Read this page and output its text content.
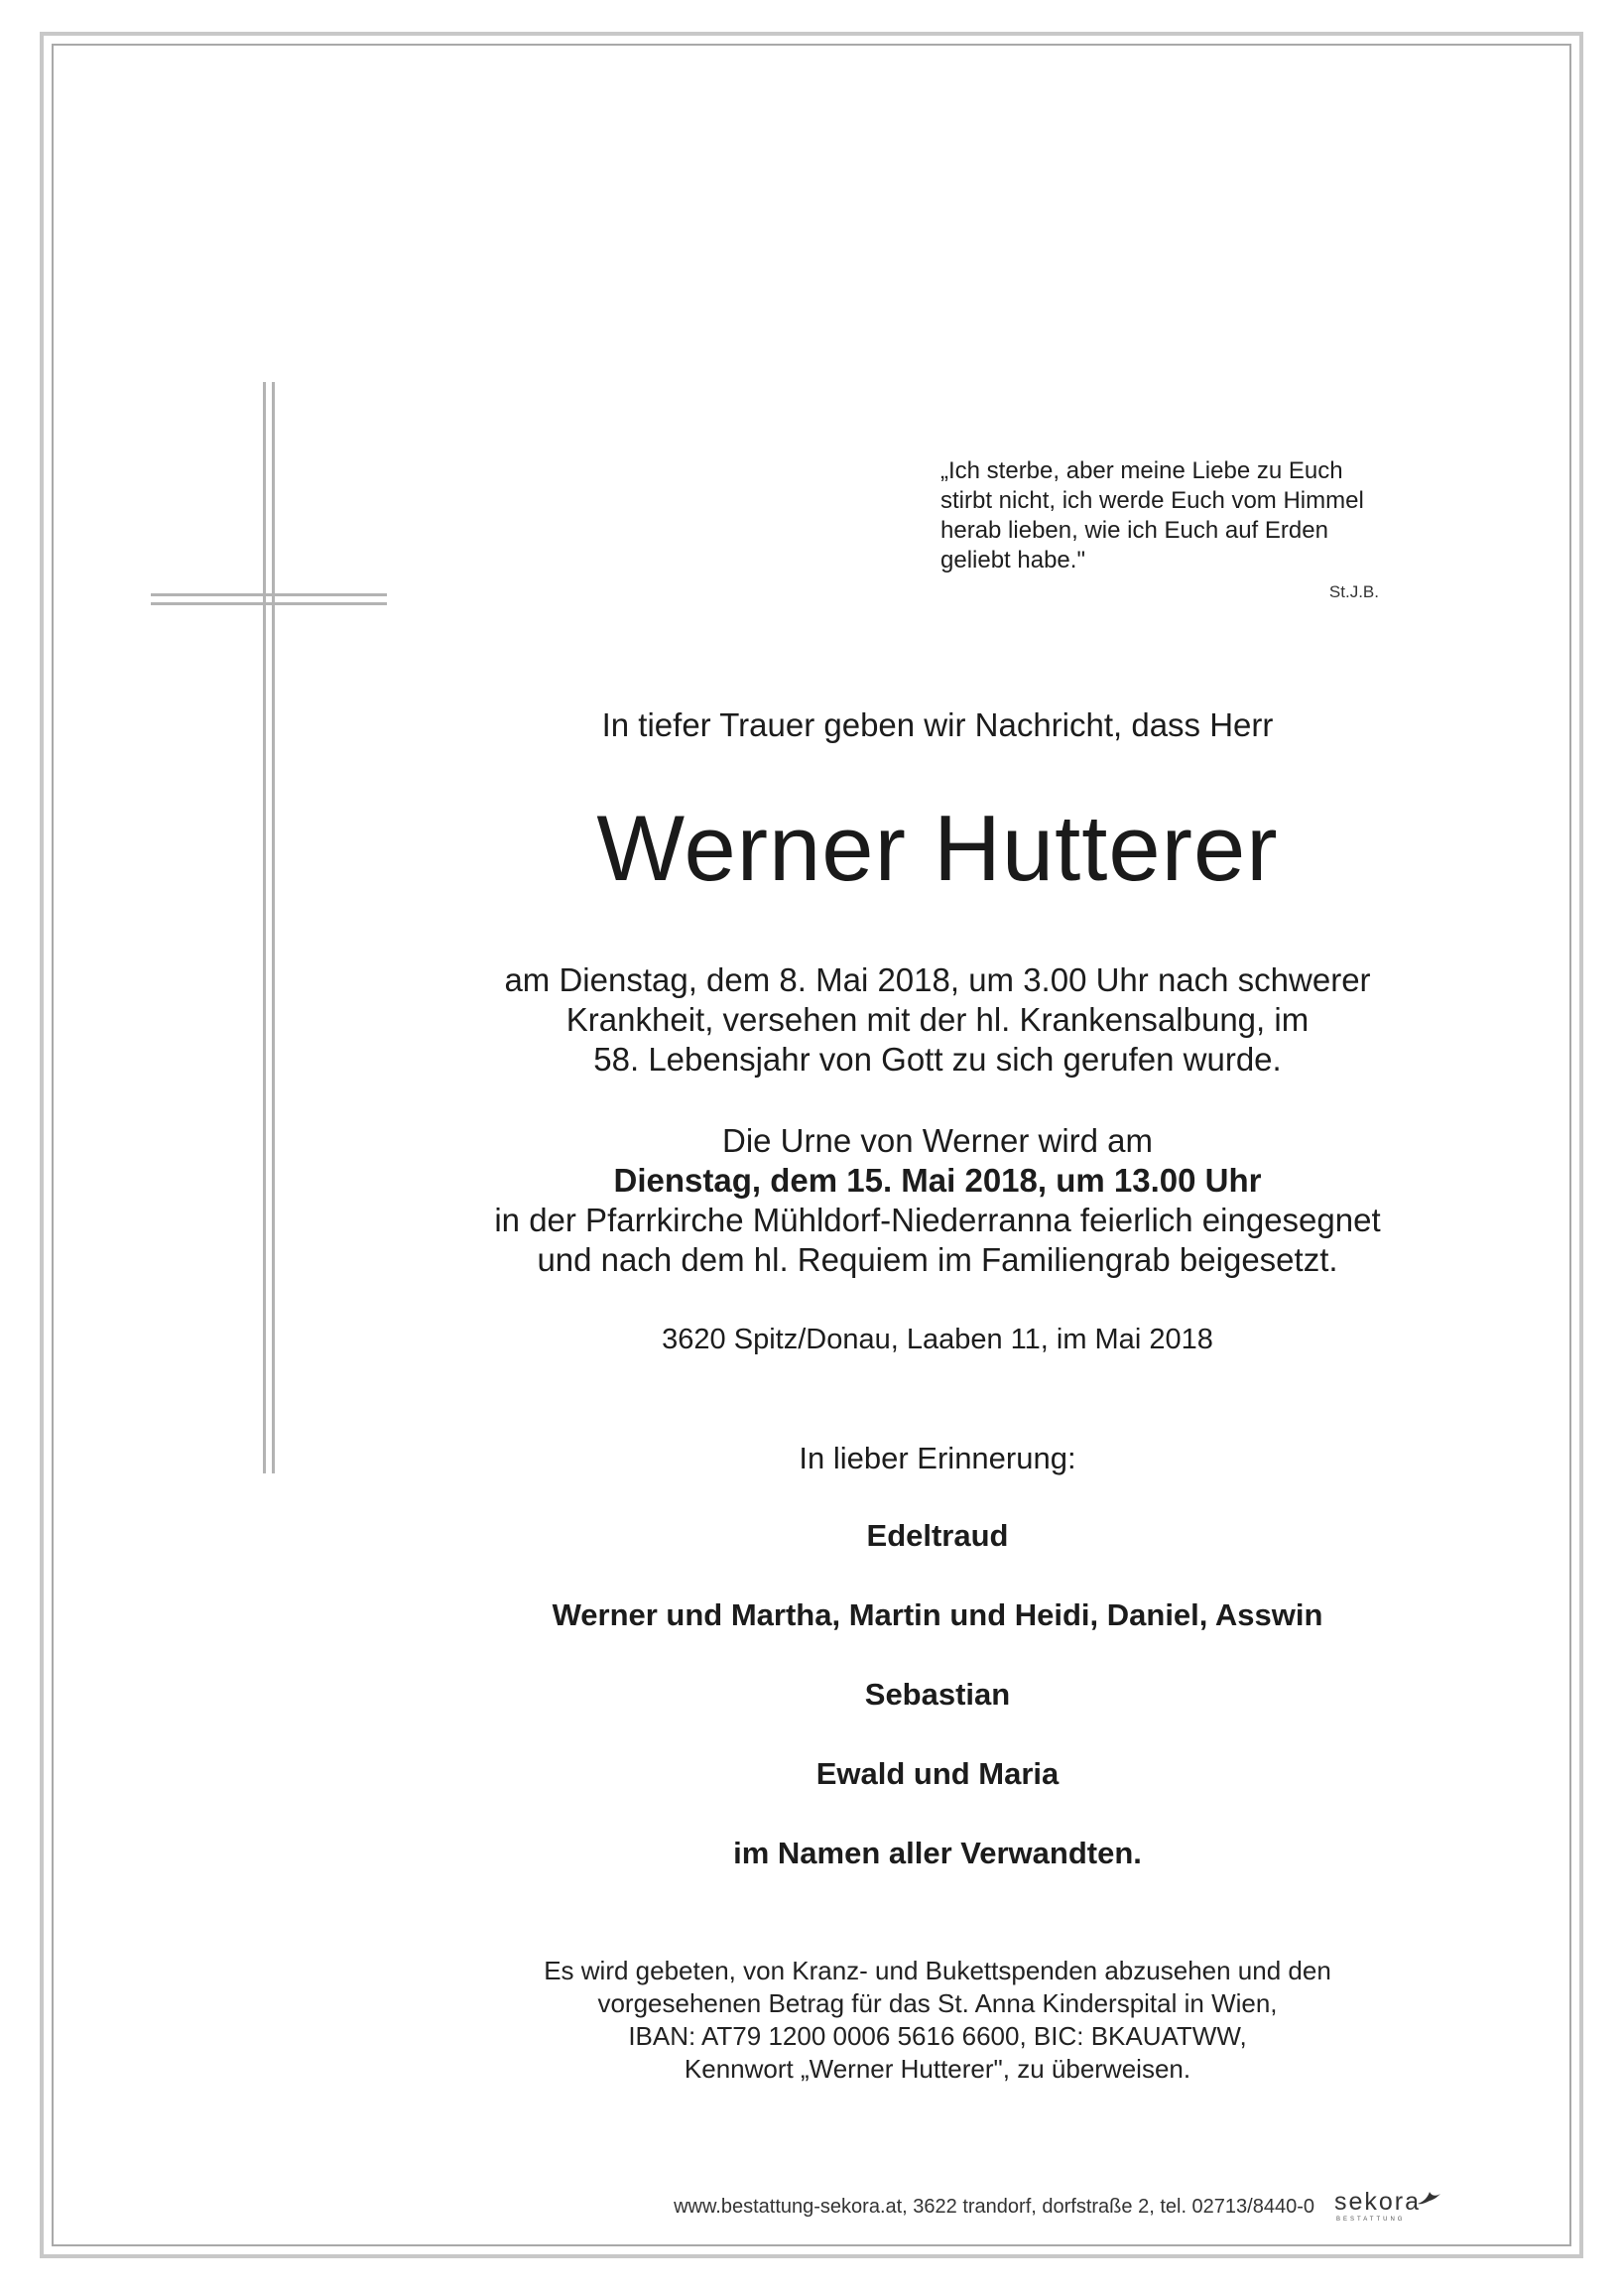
„Ich sterbe, aber meine Liebe zu Euch
stirbt nicht, ich werde Euch vom Himmel
herab lieben, wie ich Euch auf Erden
geliebt habe."
St.J.B.
In tiefer Trauer geben wir Nachricht, dass Herr
Werner Hutterer
am Dienstag, dem 8. Mai 2018, um 3.00 Uhr nach schwerer
Krankheit, versehen mit der hl. Krankensalbung, im
58. Lebensjahr von Gott zu sich gerufen wurde.
Die Urne von Werner wird am
Dienstag, dem 15. Mai 2018, um 13.00 Uhr
in der Pfarrkirche Mühldorf-Niederranna feierlich eingesegnet
und nach dem hl. Requiem im Familiengrab beigesetzt.
3620 Spitz/Donau, Laaben 11, im Mai 2018
In lieber Erinnerung:
Edeltraud
Werner und Martha, Martin und Heidi, Daniel, Asswin
Sebastian
Ewald und Maria
im Namen aller Verwandten.
Es wird gebeten, von Kranz- und Bukettspenden abzusehen und den
vorgesehenen Betrag für das St. Anna Kinderspital in Wien,
IBAN: AT79 1200 0006 5616 6600, BIC: BKAUATWW,
Kennwort „Werner Hutterer", zu überweisen.
www.bestattung-sekora.at, 3622 trandorf, dorfstraße 2, tel. 02713/8440-0 sekora
BESTATTUNG
